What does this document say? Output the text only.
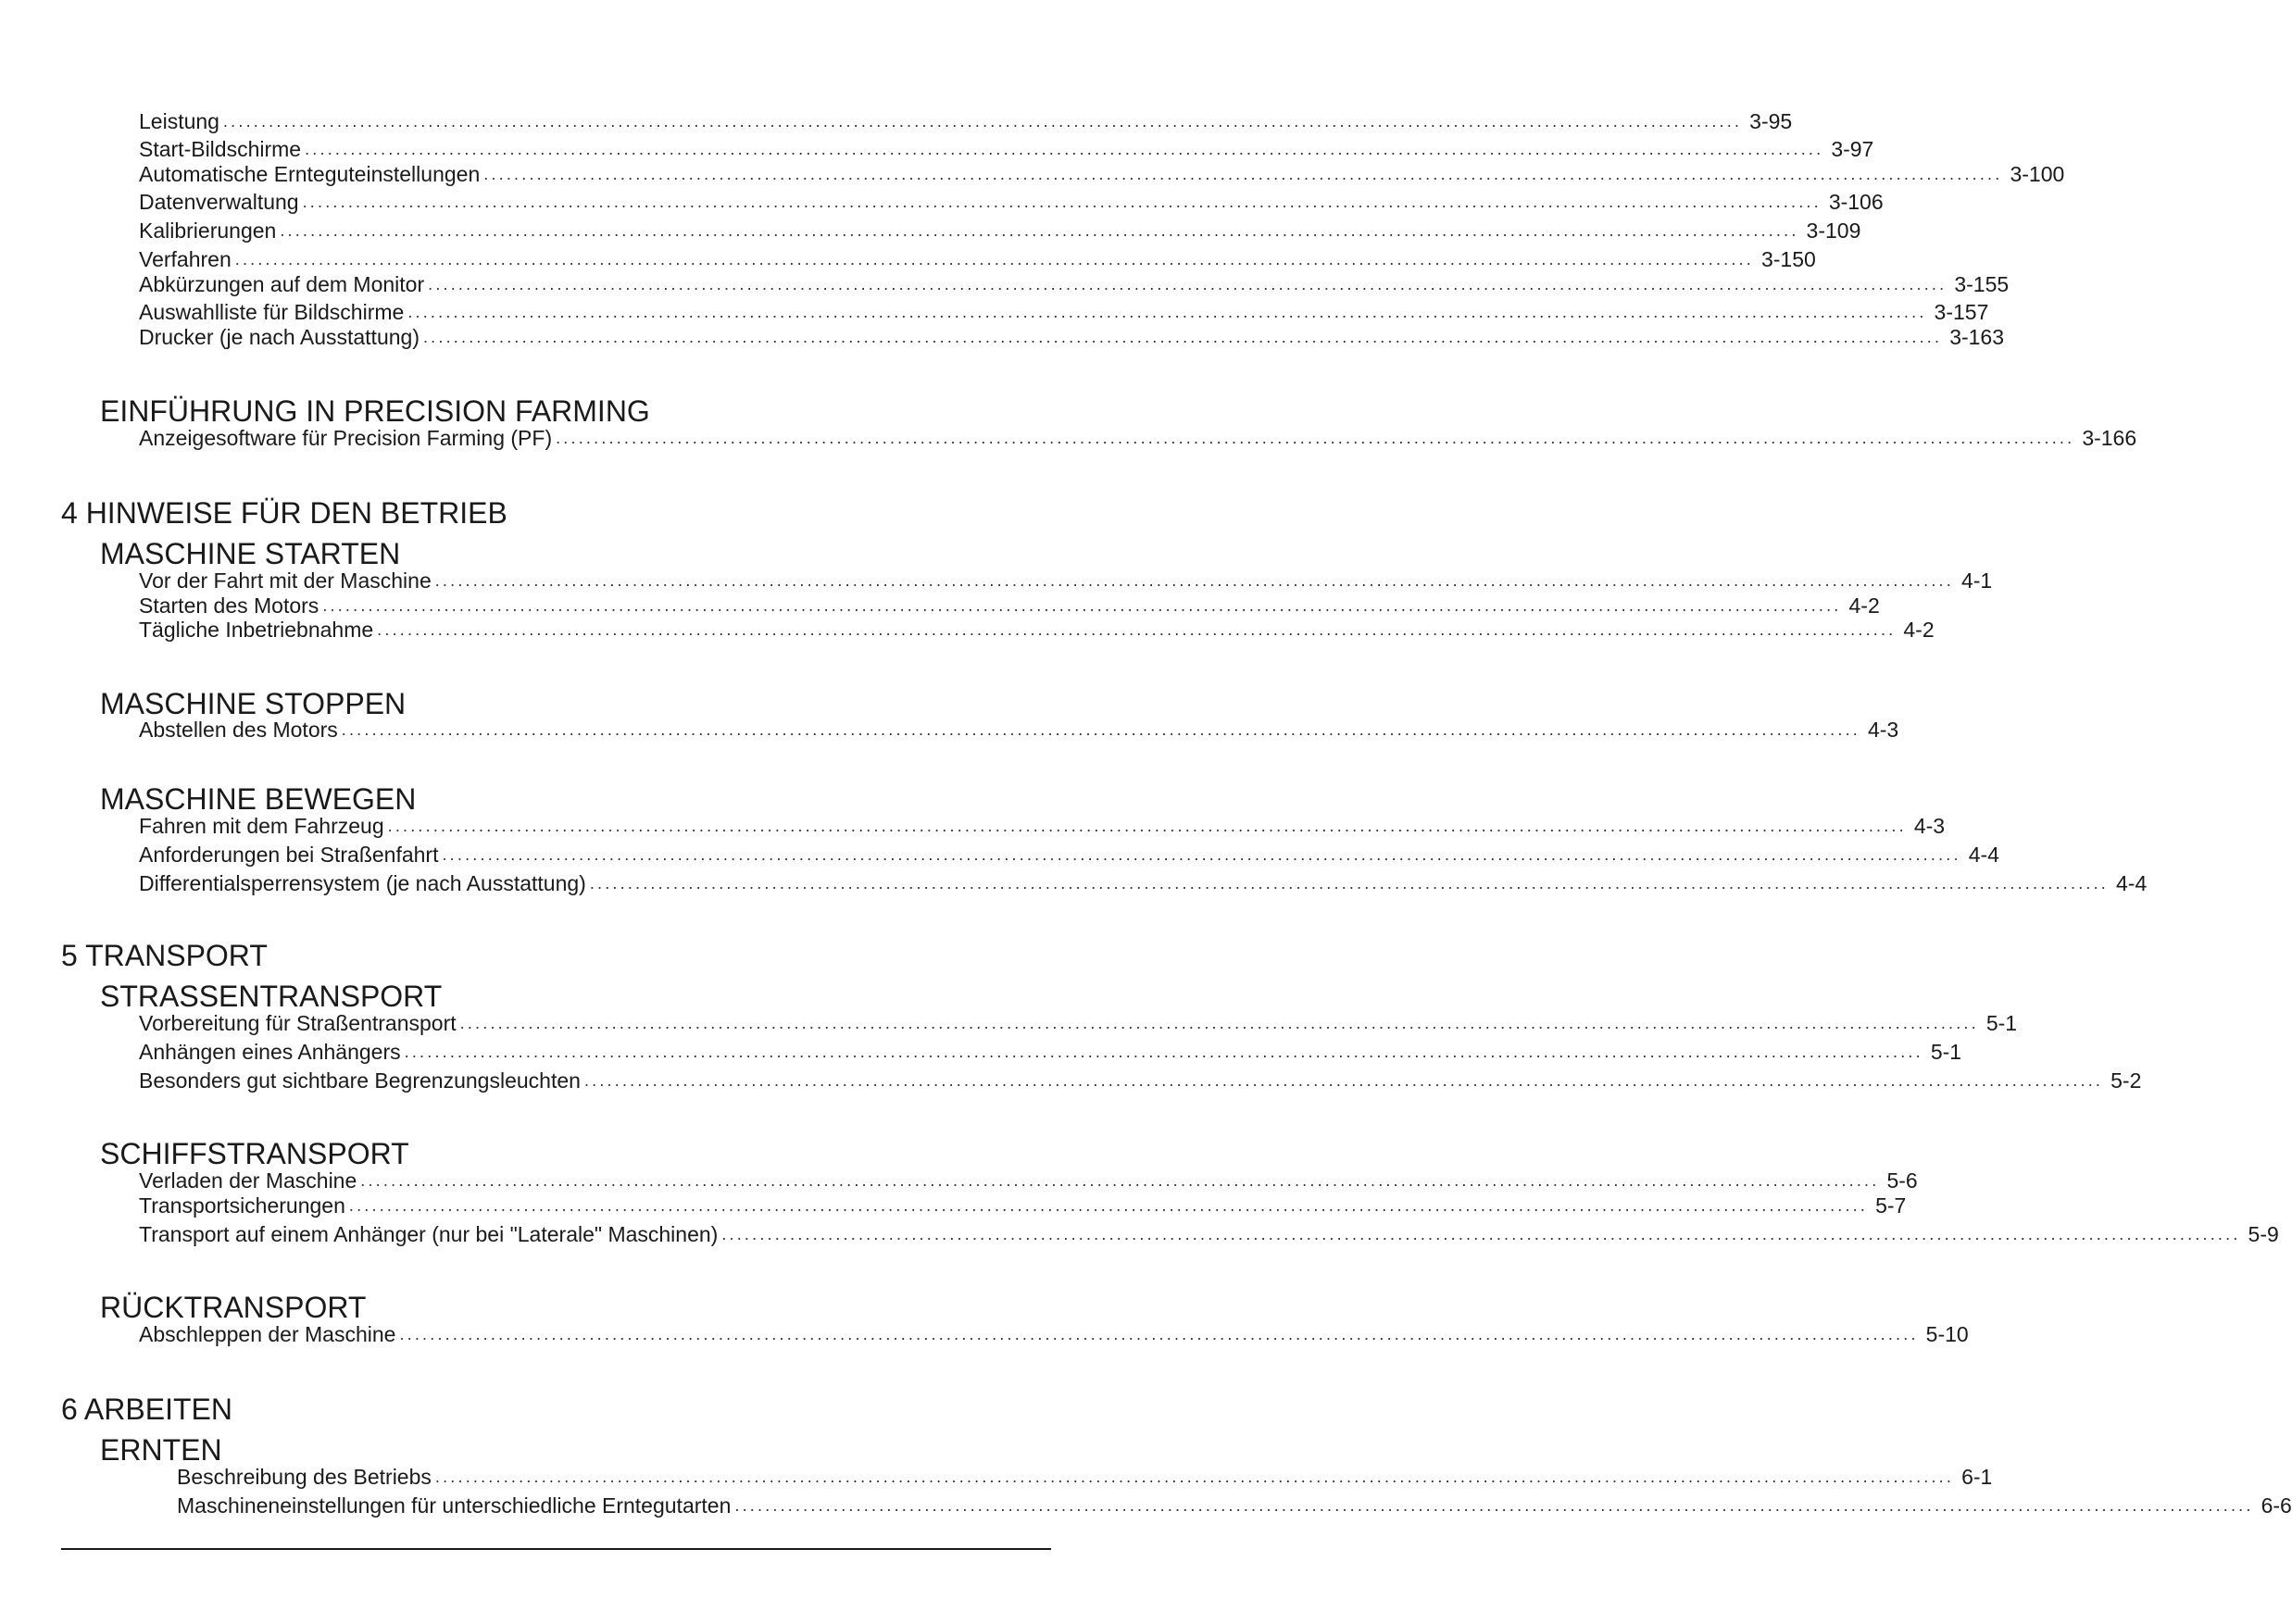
Leistung ........................................................................................................................................................................................................ 3-95
Start-Bildschirme ........................................................................................................................................................................................................ 3-97
Automatische Ernteguteinstellungen ........................................................................................................................................................................................................ 3-100
Datenverwaltung ........................................................................................................................................................................................................ 3-106
Kalibrierungen ........................................................................................................................................................................................................ 3-109
Verfahren ........................................................................................................................................................................................................ 3-150
Abkürzungen auf dem Monitor ........................................................................................................................................................................................................ 3-155
Auswahlliste für Bildschirme ........................................................................................................................................................................................................ 3-157
Drucker (je nach Ausstattung) ........................................................................................................................................................................................................ 3-163
EINFÜHRUNG IN PRECISION FARMING
Anzeigesoftware für Precision Farming (PF) ........................................................................................................................................................................................................ 3-166
4 HINWEISE FÜR DEN BETRIEB
MASCHINE STARTEN
Vor der Fahrt mit der Maschine ........................................................................................................................................................................................................ 4-1
Starten des Motors ........................................................................................................................................................................................................ 4-2
Tägliche Inbetriebnahme ........................................................................................................................................................................................................ 4-2
MASCHINE STOPPEN
Abstellen des Motors ........................................................................................................................................................................................................ 4-3
MASCHINE BEWEGEN
Fahren mit dem Fahrzeug ........................................................................................................................................................................................................ 4-3
Anforderungen bei Straßenfahrt ........................................................................................................................................................................................................ 4-4
Differentialsperrensystem (je nach Ausstattung) ........................................................................................................................................................................................................ 4-4
5 TRANSPORT
STRASSENTRANSPORT
Vorbereitung für Straßentransport ........................................................................................................................................................................................................ 5-1
Anhängen eines Anhängers ........................................................................................................................................................................................................ 5-1
Besonders gut sichtbare Begrenzungsleuchten ........................................................................................................................................................................................................ 5-2
SCHIFFSTRANSPORT
Verladen der Maschine ........................................................................................................................................................................................................ 5-6
Transportsicherungen ........................................................................................................................................................................................................ 5-7
Transport auf einem Anhänger (nur bei "Laterale" Maschinen) ........................................................................................................................................................................................................ 5-9
RÜCKTRANSPORT
Abschleppen der Maschine ........................................................................................................................................................................................................ 5-10
6 ARBEITEN
ERNTEN
Beschreibung des Betriebs ........................................................................................................................................................................................................ 6-1
Maschineneinstellungen für unterschiedliche Erntegutarten ........................................................................................................................................................................................................ 6-6
